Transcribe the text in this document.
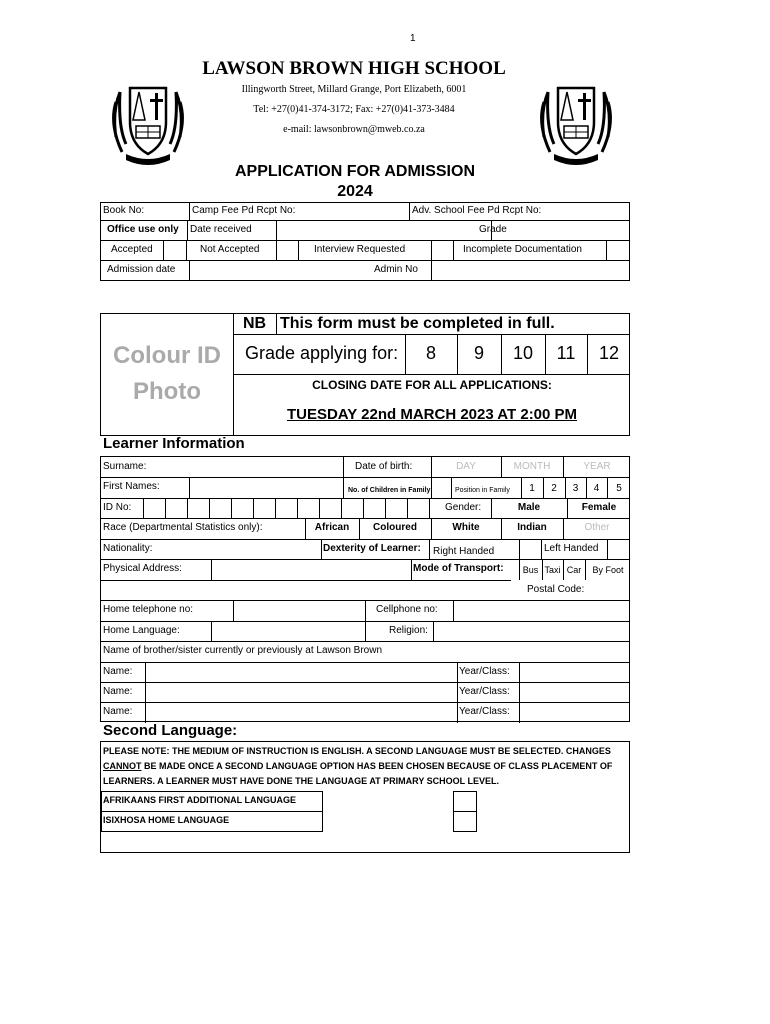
1
LAWSON BROWN HIGH SCHOOL
Illingworth Street, Millard Grange, Port Elizabeth, 6001
Tel: +27(0)41-374-3172; Fax: +27(0)41-373-3484
e-mail: lawsonbrown@mweb.co.za
APPLICATION FOR ADMISSION
2024
Book No:	Camp Fee Pd Rcpt No:	Adv. School Fee Pd Rcpt No:
Office use only Date received	Grade
Accepted	Not Accepted	Interview Requested	Incomplete Documentation
Admission date	Admin No
Colour ID
Photo
NB This form must be completed in full.
Grade applying for:	8	9	10	11	12
CLOSING DATE FOR ALL APPLICATIONS:
TUESDAY 22nd MARCH 2023 AT 2:00 PM
Learner Information
Surname:	Date of birth:	DAY	MONTH	YEAR
First Names:	No. of Children in Family	Position in Family	1	2	3	4	5
ID No:	Gender:	Male	Female
Race (Departmental Statistics only):	African	Coloured	White	Indian	Other
Nationality:	Dexterity of Learner: Right Handed	Left Handed
Physical Address:	Mode of Transport:	Bus Taxi Car	By Foot
Postal Code:
Home telephone no:	Cellphone no:
Home Language:	Religion:
Name of brother/sister currently or previously at Lawson Brown
Name:	Year/Class:
Name:	Year/Class:
Name:	Year/Class:
Second Language:
PLEASE NOTE: THE MEDIUM OF INSTRUCTION IS ENGLISH. A SECOND LANGUAGE MUST BE SELECTED. CHANGES
CANNOT BE MADE ONCE A SECOND LANGUAGE OPTION HAS BEEN CHOSEN BECAUSE OF CLASS PLACEMENT OF
LEARNERS. A LEARNER MUST HAVE DONE THE LANGUAGE AT PRIMARY SCHOOL LEVEL.
AFRIKAANS FIRST ADDITIONAL LANGUAGE
ISIXHOSA HOME LANGUAGE
